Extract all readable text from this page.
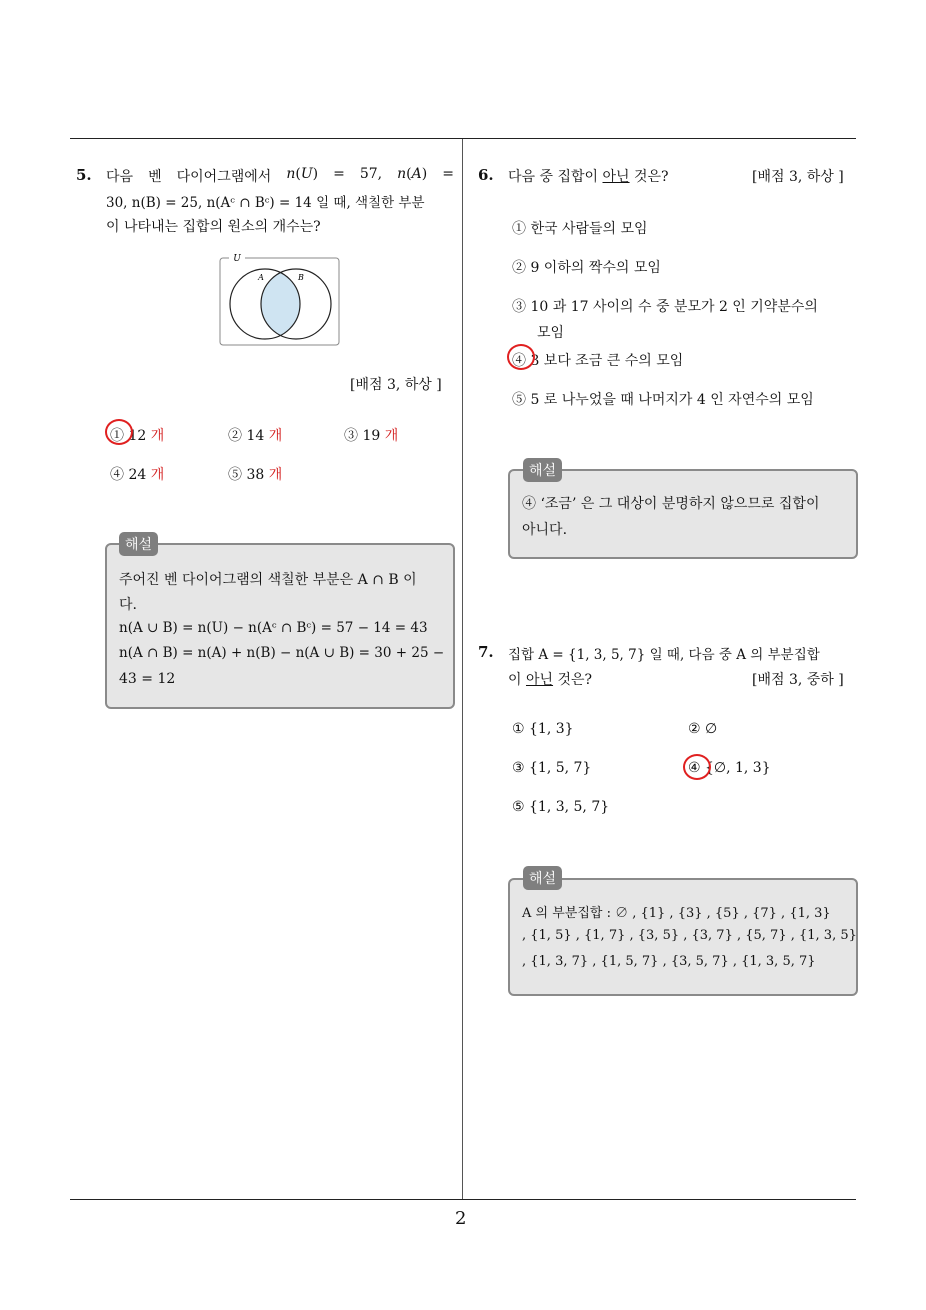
2
5. 다음 벤 다이어그램에서 n(U) = 57, n(A) =
30, n(B) = 25, n(Aᶜ ∩ Bᶜ) = 14 일 때, 색칠한 부분
이 나타내는 집합의 원소의 개수는?
U
A	B
[배점 3, 하상 ]
① 12 개	② 14 개	③ 19 개
④ 24 개	⑤ 38 개
주어진 벤 다이어그램의 색칠한 부분은 A ∩ B 이
다.
n(A ∪ B) = n(U) − n(Aᶜ ∩ Bᶜ) = 57 − 14 = 43
n(A ∩ B) = n(A) + n(B) − n(A ∪ B) = 30 + 25 −
43 = 12
해설
6. 다음 중 집합이 아닌 것은?	[배점 3, 하상 ]
① 한국 사람들의 모임
② 9 이하의 짝수의 모임
③ 10 과 17 사이의 수 중 분모가 2 인 기약분수의
모임
④ 3 보다 조금 큰 수의 모임
⑤ 5 로 나누었을 때 나머지가 4 인 자연수의 모임
④ ‘조금’ 은 그 대상이 분명하지 않으므로 집합이
아니다.
해설
7. 집합 A = {1, 3, 5, 7} 일 때, 다음 중 A 의 부분집합
이 아닌 것은?	[배점 3, 중하 ]
① {1, 3}	② ∅
③ {1, 5, 7}	④ {∅, 1, 3}
⑤ {1, 3, 5, 7}
A 의 부분집합 : ∅ , {1} , {3} , {5} , {7} , {1, 3}
, {1, 5} , {1, 7} , {3, 5} , {3, 7} , {5, 7} , {1, 3, 5}
, {1, 3, 7} , {1, 5, 7} , {3, 5, 7} , {1, 3, 5, 7}
해설
